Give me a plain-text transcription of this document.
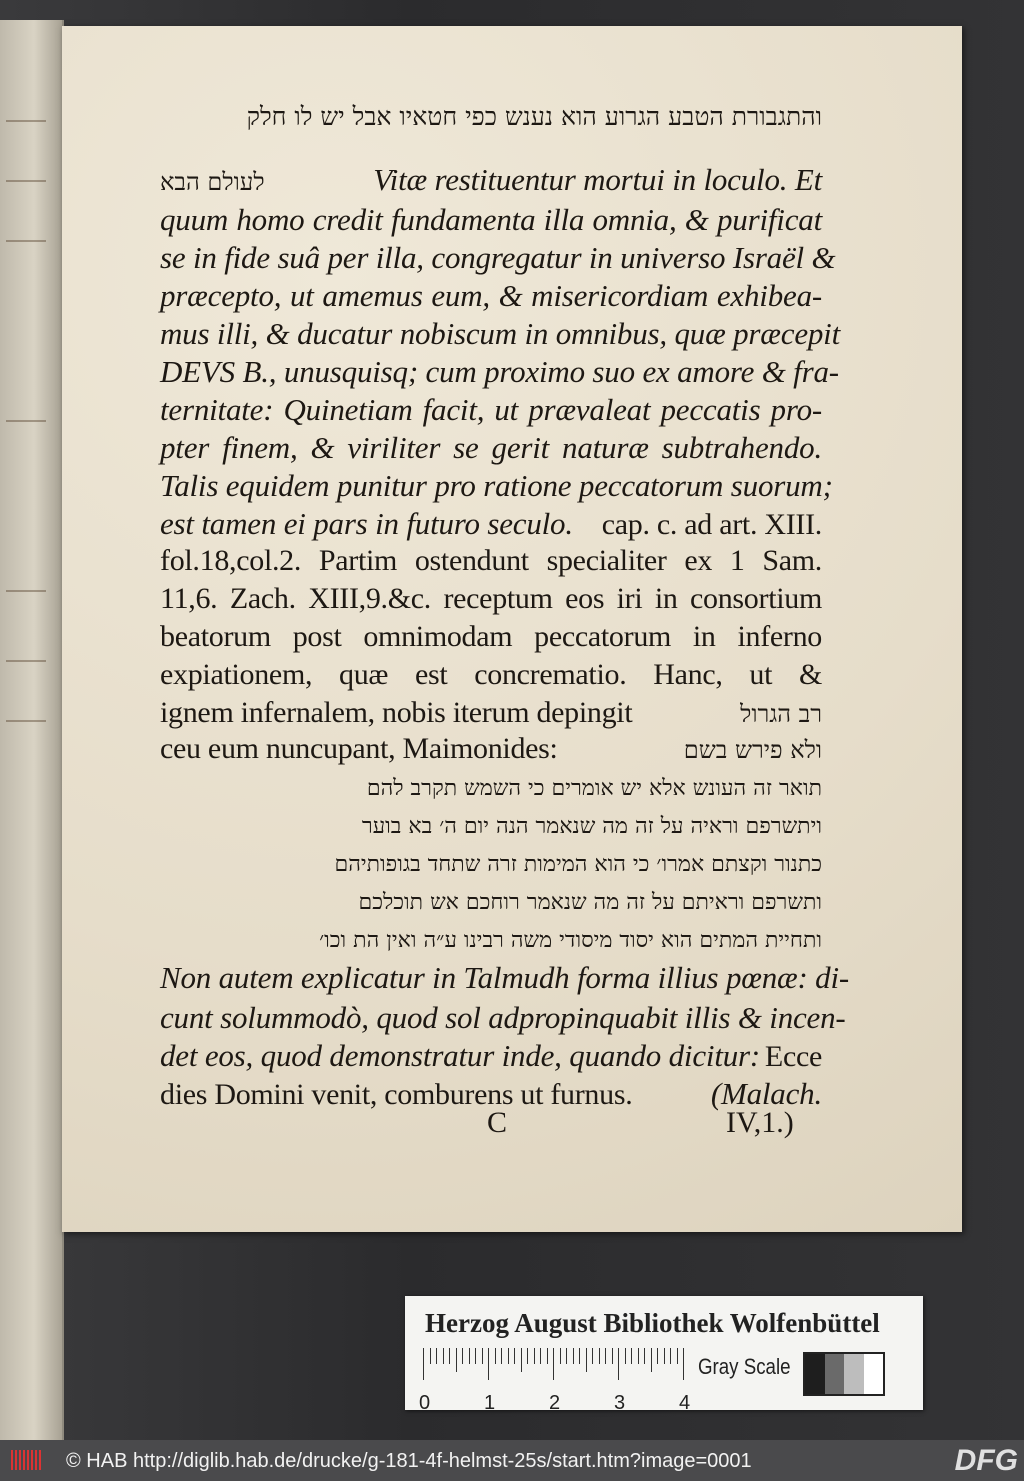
והתגבורת הטבע הגרוע הוא נענש כפי חטאיו אבל יש לו חלק
לעולם הבא	Vitæ restituentur mortui in loculo. Et
quum homo credit fundamenta illa omnia, & purificat
se in fide suâ per illa, congregatur in universo Israël &
præcepto, ut amemus eum, & misericordiam exhibea-
mus illi, & ducatur nobiscum in omnibus, quæ præcepit
DEVS B., unusquisq; cum proximo suo ex amore & fra-
ternitate: Quinetiam facit, ut prævaleat peccatis pro-
pter finem, & viriliter se gerit naturæ subtrahendo.
Talis equidem punitur pro ratione peccatorum suorum;
est tamen ei pars in futuro seculo. cap. c. ad art. XIII.
fol.18,col.2. Partim ostendunt specialiter ex 1 Sam.
11,6. Zach. XIII,9.&c. receptum eos iri in consortium
beatorum post omnimodam peccatorum in inferno
expiationem, quæ est concrematio. Hanc, ut &
ignem infernalem, nobis iterum depingit	רב הגרול
ceu eum nuncupant, Maimonides:	ולא פירש בשם
תואר זה העונש אלא יש אומרים כי השמש תקרב להם
ויתשרפם וראיה על זה מה שנאמר הנה יום ה׳ בא בוער
כתנור וקצתם אמרו׳ כי הוא המימות זרה שתחד בגופותיהם
ותשרפם וראיתם על זה מה שנאמר רוחכם אש תוכלכם
ותחיית המתים הוא יסוד מיסודי משה רבינו ע״ה ואין הת וכו׳
Non autem explicatur in Talmudh forma illius pœnæ: di-
cunt solummodò, quod sol adpropinquabit illis & incen-
det eos, quod demonstratur inde, quando dicitur: Ecce
dies Domini venit, comburens ut furnus.	(Malach.
C	IV,1.)
Herzog August Bibliothek Wolfenbüttel
0	1	2	3	4
Gray Scale
© HAB http://diglib.hab.de/drucke/g-181-4f-helmst-25s/start.htm?image=0001	DFG
